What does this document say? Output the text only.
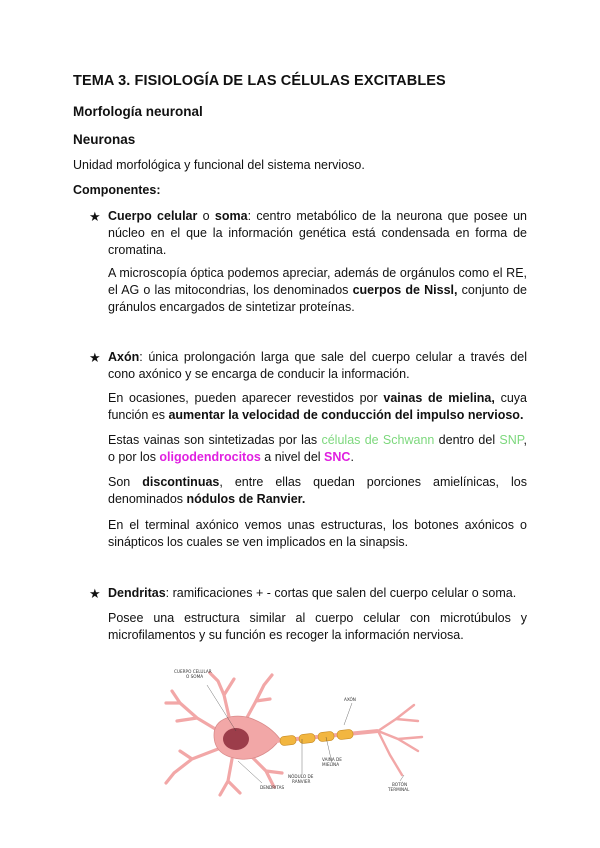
TEMA 3. FISIOLOGÍA DE LAS CÉLULAS EXCITABLES
Morfología neuronal
Neuronas

Unidad morfológica y funcional del sistema nervioso.

Componentes:

★ Cuerpo celular o soma: centro metabólico de la neurona que posee un núcleo en el que la información genética está condensada en forma de cromatina.

A microscopía óptica podemos apreciar, además de orgánulos como el RE, el AG o las mitocondrias, los denominados cuerpos de Nissl, conjunto de gránulos encargados de sintetizar proteínas.

★ Axón: única prolongación larga que sale del cuerpo celular a través del cono axónico y se encarga de conducir la información.

En ocasiones, pueden aparecer revestidos por vainas de mielina, cuya función es aumentar la velocidad de conducción del impulso nervioso.

Estas vainas son sintetizadas por las células de Schwann dentro del SNP, o por los oligodendrocitos a nivel del SNC.

Son discontinuas, entre ellas quedan porciones amielínicas, los denominados nódulos de Ranvier.

En el terminal axónico vemos unas estructuras, los botones axónicos o sinápticos los cuales se ven implicados en la sinapsis.

★ Dendritas: ramificaciones + - cortas que salen del cuerpo celular o soma.

Posee una estructura similar al cuerpo celular con microtúbulos y microfilamentos y su función es recoger la información nerviosa.

CUERPO CELULAR O SOMA
AXÓN
VAINA DE MIELINA
NÓDULO DE RANVIER
DENDRITAS
BOTÓN TERMINAL
